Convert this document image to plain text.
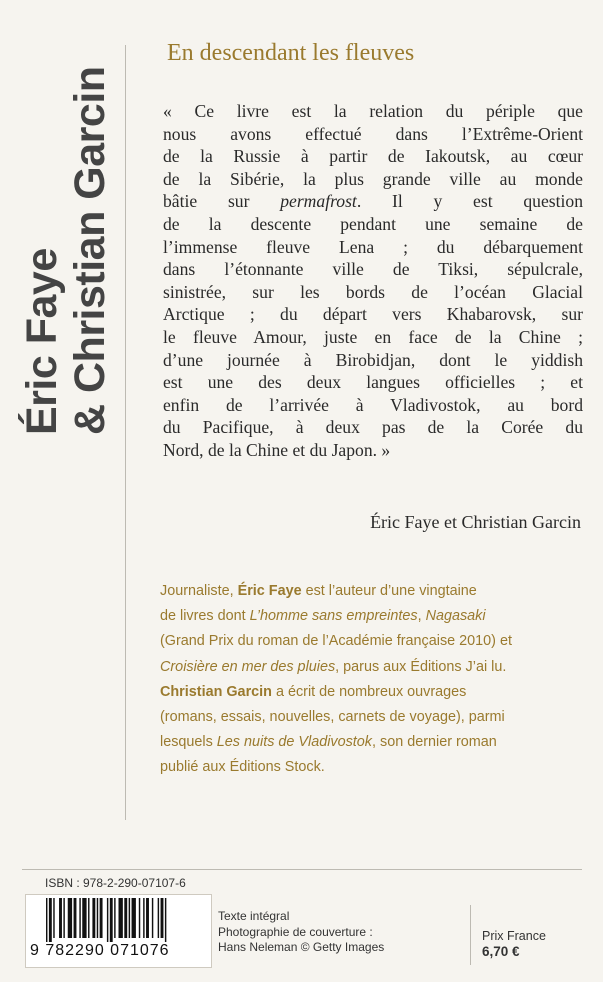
Éric Faye & Christian Garcin
En descendant les fleuves
« Ce livre est la relation du périple que
nous avons effectué dans l’Extrême-Orient
de la Russie à partir de Iakoutsk, au cœur
de la Sibérie, la plus grande ville au monde
bâtie sur permafrost. Il y est question
de la descente pendant une semaine de
l’immense fleuve Lena ; du débarquement
dans l’étonnante ville de Tiksi, sépulcrale,
sinistrée, sur les bords de l’océan Glacial
Arctique ; du départ vers Khabarovsk, sur
le fleuve Amour, juste en face de la Chine ;
d’une journée à Birobidjan, dont le yiddish
est une des deux langues officielles ; et
enfin de l’arrivée à Vladivostok, au bord
du Pacifique, à deux pas de la Corée du
Nord, de la Chine et du Japon. »
Éric Faye et Christian Garcin
Journaliste, Éric Faye est l’auteur d’une vingtaine
de livres dont L’homme sans empreintes, Nagasaki
(Grand Prix du roman de l’Académie française 2010) et
Croisière en mer des pluies, parus aux Éditions J’ai lu.
Christian Garcin a écrit de nombreux ouvrages
(romans, essais, nouvelles, carnets de voyage), parmi
lesquels Les nuits de Vladivostok, son dernier roman
publié aux Éditions Stock.
ISBN : 978-2-290-07107-6
9 782290 071076
Texte intégral
Photographie de couverture :
Hans Neleman © Getty Images
Prix France
6,70 €
